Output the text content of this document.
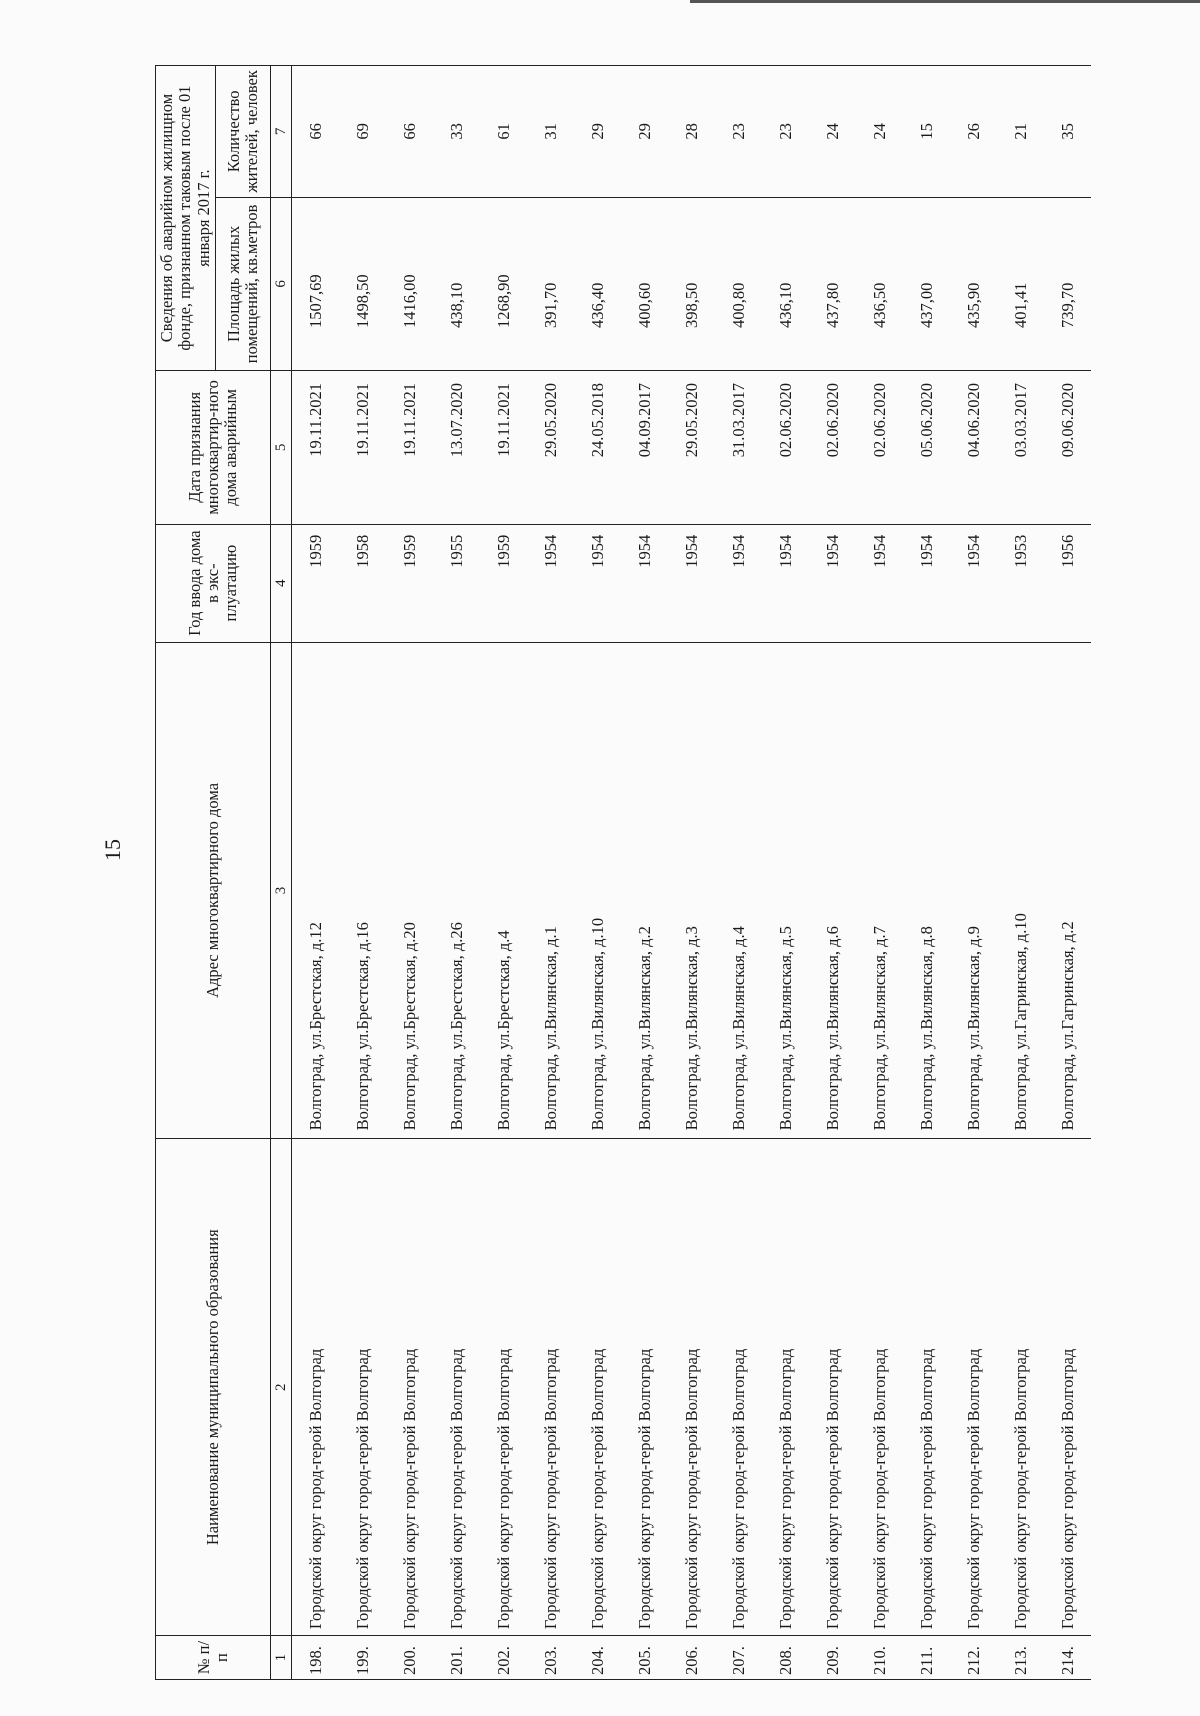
15
№ п/п	Наименование муниципального образования	Адрес многоквартирного дома	Год ввода дома в экс-плуатацию	Дата признания многоквартир-ного дома аварийным	Сведения об аварийном жилищном фонде, признанном таковым после 01 января 2017 г.	
					Площадь жилых помещений, кв.метров	Количество жителей, человек
1	2	3	4	5	6	7
198.	Городской округ город-герой Волгоград	Волгоград, ул.Брестская, д.12	1959	19.11.2021	1507,69	66
199.	Городской округ город-герой Волгоград	Волгоград, ул.Брестская, д.16	1958	19.11.2021	1498,50	69
200.	Городской округ город-герой Волгоград	Волгоград, ул.Брестская, д.20	1959	19.11.2021	1416,00	66
201.	Городской округ город-герой Волгоград	Волгоград, ул.Брестская, д.26	1955	13.07.2020	438,10	33
202.	Городской округ город-герой Волгоград	Волгоград, ул.Брестская, д.4	1959	19.11.2021	1268,90	61
203.	Городской округ город-герой Волгоград	Волгоград, ул.Вилянская, д.1	1954	29.05.2020	391,70	31
204.	Городской округ город-герой Волгоград	Волгоград, ул.Вилянская, д.10	1954	24.05.2018	436,40	29
205.	Городской округ город-герой Волгоград	Волгоград, ул.Вилянская, д.2	1954	04.09.2017	400,60	29
206.	Городской округ город-герой Волгоград	Волгоград, ул.Вилянская, д.3	1954	29.05.2020	398,50	28
207.	Городской округ город-герой Волгоград	Волгоград, ул.Вилянская, д.4	1954	31.03.2017	400,80	23
208.	Городской округ город-герой Волгоград	Волгоград, ул.Вилянская, д.5	1954	02.06.2020	436,10	23
209.	Городской округ город-герой Волгоград	Волгоград, ул.Вилянская, д.6	1954	02.06.2020	437,80	24
210.	Городской округ город-герой Волгоград	Волгоград, ул.Вилянская, д.7	1954	02.06.2020	436,50	24
211.	Городской округ город-герой Волгоград	Волгоград, ул.Вилянская, д.8	1954	05.06.2020	437,00	15
212.	Городской округ город-герой Волгоград	Волгоград, ул.Вилянская, д.9	1954	04.06.2020	435,90	26
213.	Городской округ город-герой Волгоград	Волгоград, ул.Гагринская, д.10	1953	03.03.2017	401,41	21
214.	Городской округ город-герой Волгоград	Волгоград, ул.Гагринская, д.2	1956	09.06.2020	739,70	35
